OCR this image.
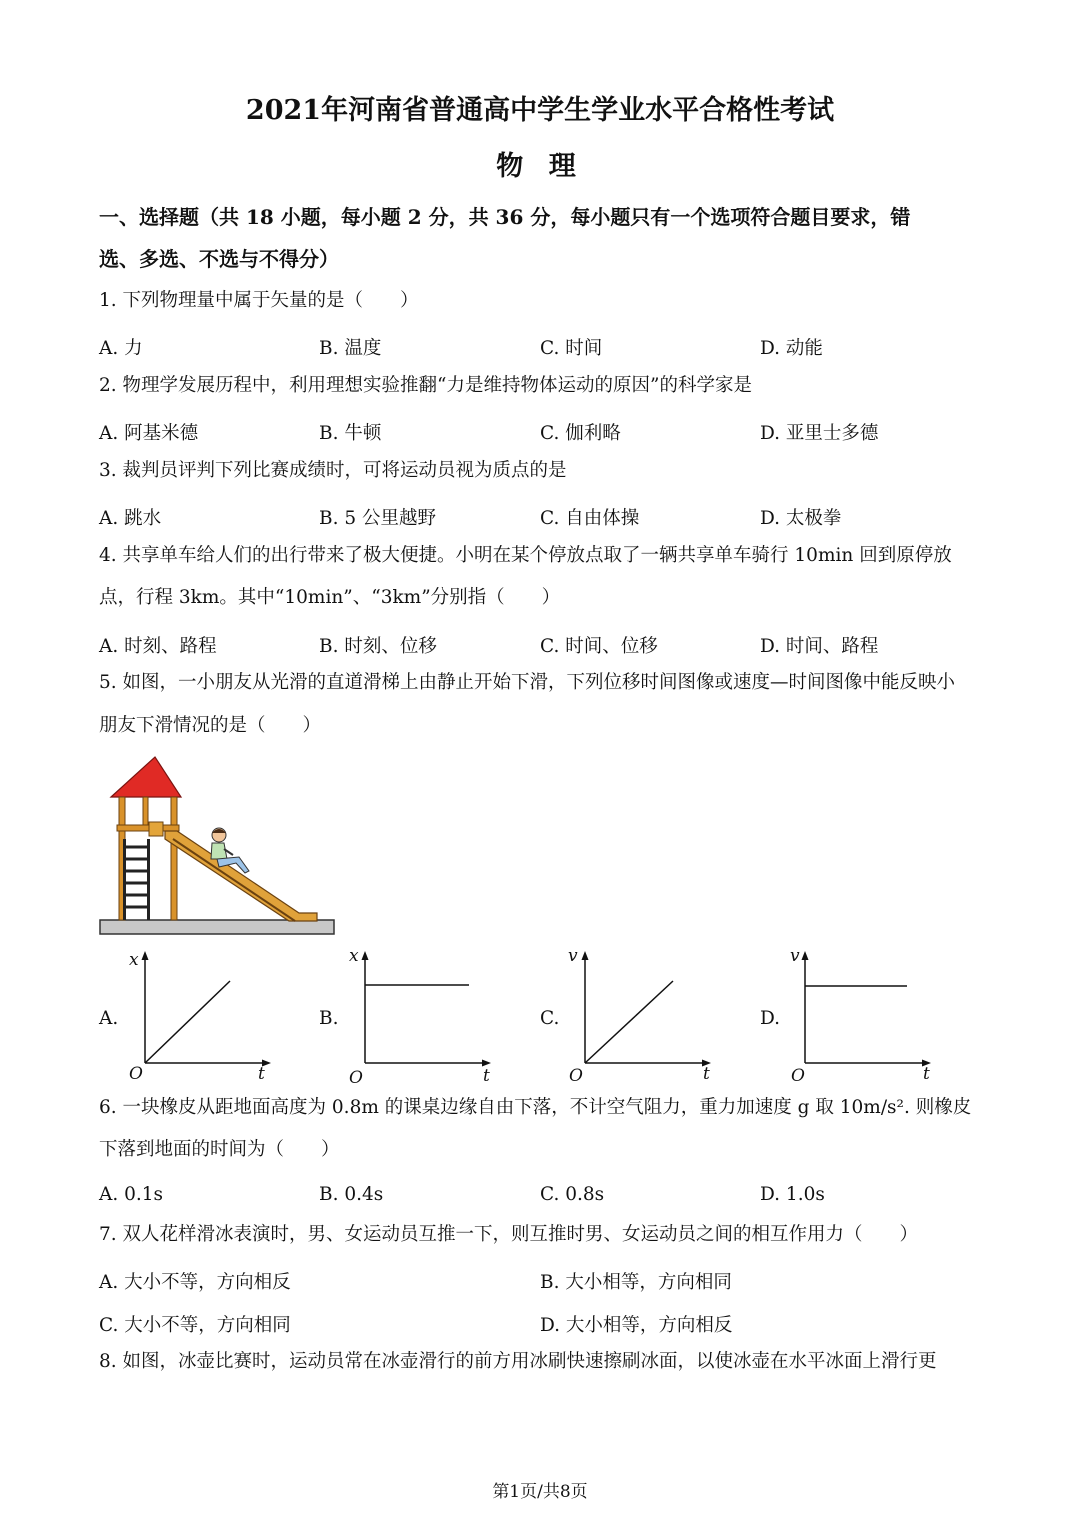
2021年河南省普通高中学生学业水平合格性考试
物 理
一、选择题（共 18 小题，每小题 2 分，共 36 分，每小题只有一个选项符合题目要求，错
选、多选、不选与不得分）
1. 下列物理量中属于矢量的是（　　）
A. 力	B. 温度	C. 时间	D. 动能
2. 物理学发展历程中，利用理想实验推翻“力是维持物体运动的原因”的科学家是
A. 阿基米德	B. 牛顿	C. 伽利略	D. 亚里士多德
3. 裁判员评判下列比赛成绩时，可将运动员视为质点的是
A. 跳水	B. 5 公里越野	C. 自由体操	D. 太极拳
4. 共享单车给人们的出行带来了极大便捷。小明在某个停放点取了一辆共享单车骑行 10min 回到原停放
点，行程 3km。其中“10min”、“3km”分别指（　　）
A. 时刻、路程	B. 时刻、位移	C. 时间、位移	D. 时间、路程
5. 如图，一小朋友从光滑的直道滑梯上由静止开始下滑，下列位移时间图像或速度—时间图像中能反映小
朋友下滑情况的是（　　）
A.	B.	C.	D.
x
t
O
x
t
O
v
t
O
v
t
O
6. 一块橡皮从距地面高度为 0.8m 的课桌边缘自由下落，不计空气阻力，重力加速度 g 取 10m/s². 则橡皮
下落到地面的时间为（　　）
A. 0.1s	B. 0.4s	C. 0.8s	D. 1.0s
7. 双人花样滑冰表演时，男、女运动员互推一下，则互推时男、女运动员之间的相互作用力（　　）
A. 大小不等，方向相反	B. 大小相等，方向相同
C. 大小不等，方向相同	D. 大小相等，方向相反
8. 如图，冰壶比赛时，运动员常在冰壶滑行的前方用冰刷快速擦刷冰面，以使冰壶在水平冰面上滑行更
第1页/共8页
